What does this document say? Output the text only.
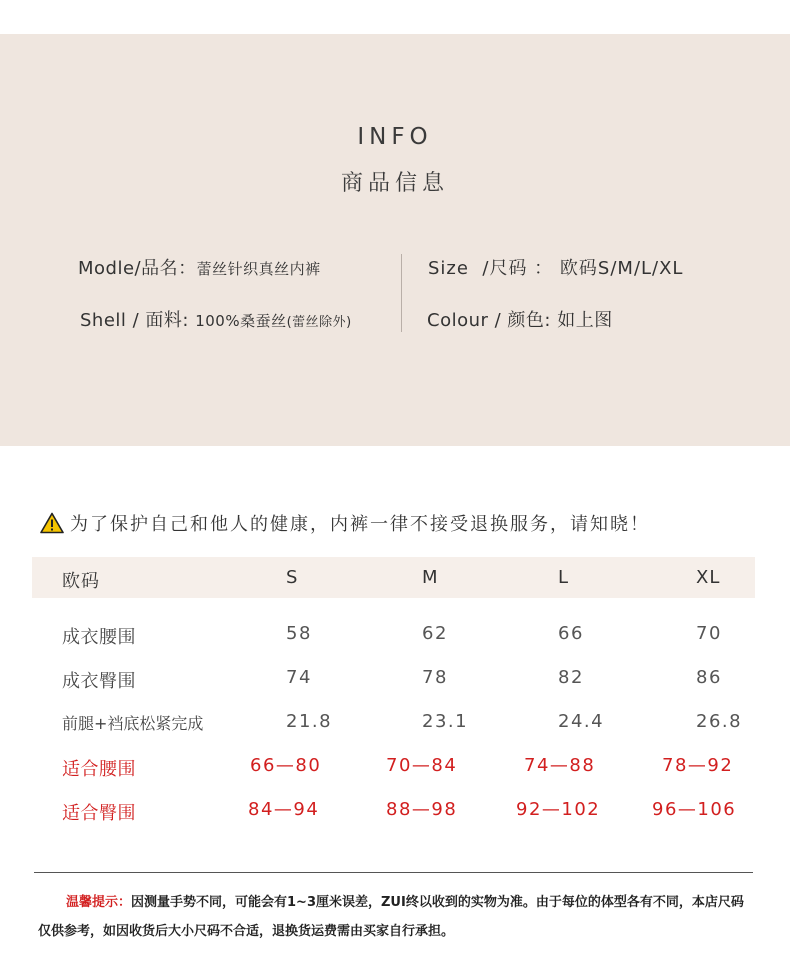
INFO
商品信息
Modle/品名：蕾丝针织真丝内裤
Shell / 面料: 100%桑蚕丝(蕾丝除外)
Size  /尺码 ： 欧码S/M/L/XL
Colour / 颜色: 如上图
为了保护自己和他人的健康，内裤一律不接受退换服务，请知晓！
欧码	S	M	L	XL
成衣腰围	58	62	66	70
成衣臀围	74	78	82	86
前腿+裆底松紧完成	21.8	23.1	24.4	26.8
适合腰围	66—80	70—84	74—88	78—92
适合臀围	84—94	88—98	92—102	96—106
温馨提示：因测量手势不同，可能会有1~3厘米误差，ZUI终以收到的实物为准。由于每位的体型各有不同，本店尺码仅供参考，如因收货后大小尺码不合适，退换货运费需由买家自行承担。
